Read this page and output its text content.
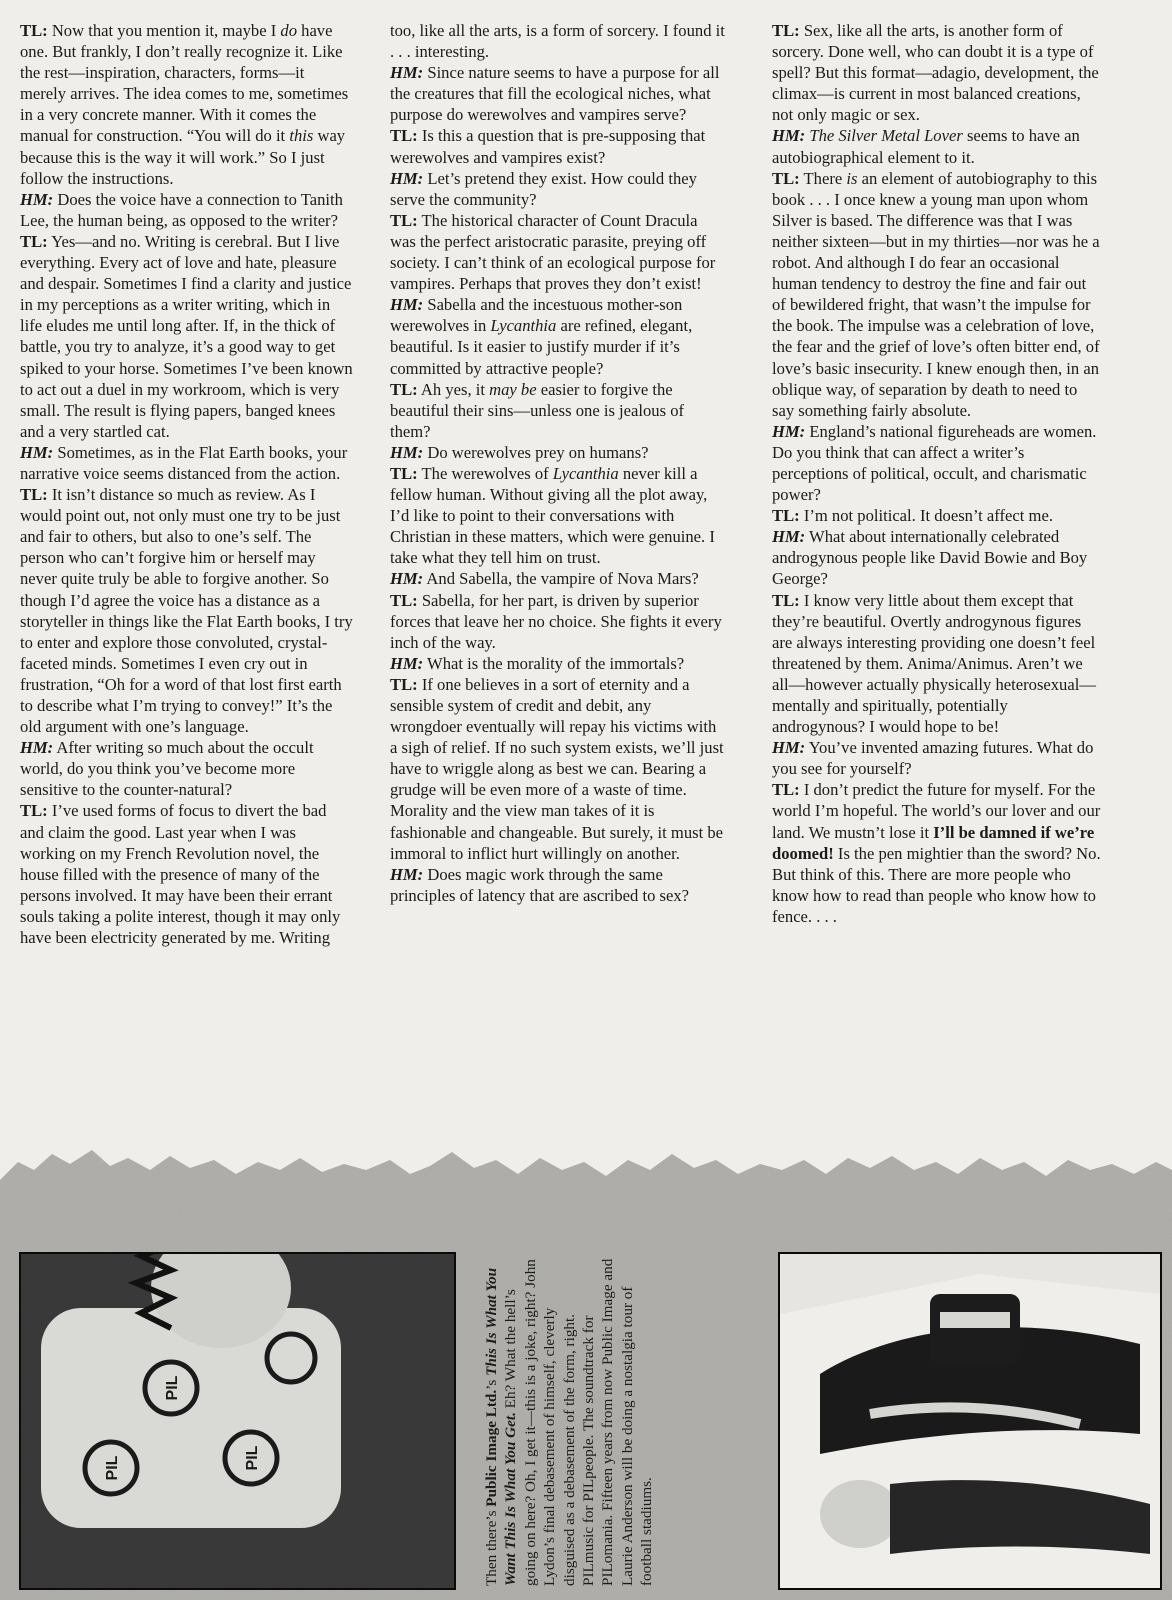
TL: Now that you mention it, maybe I do have one. But frankly, I don’t really recognize it. Like the rest—inspiration, characters, forms—it merely arrives. The idea comes to me, sometimes in a very concrete manner. With it comes the manual for construction. “You will do it this way because this is the way it will work.” So I just follow the instructions.

HM: Does the voice have a connection to Tanith Lee, the human being, as opposed to the writer?

TL: Yes—and no. Writing is cerebral. But I live everything. Every act of love and hate, pleasure and despair. Sometimes I find a clarity and justice in my perceptions as a writer writing, which in life eludes me until long after. If, in the thick of battle, you try to analyze, it’s a good way to get spiked to your horse. Sometimes I’ve been known to act out a duel in my workroom, which is very small. The result is flying papers, banged knees and a very startled cat.

HM: Sometimes, as in the Flat Earth books, your narrative voice seems distanced from the action.

TL: It isn’t distance so much as review. As I would point out, not only must one try to be just and fair to others, but also to one’s self. The person who can’t forgive him or herself may never quite truly be able to forgive another. So though I’d agree the voice has a distance as a storyteller in things like the Flat Earth books, I try to enter and explore those convoluted, crystal-faceted minds. Sometimes I even cry out in frustration, “Oh for a word of that lost first earth to describe what I’m trying to convey!” It’s the old argument with one’s language.

HM: After writing so much about the occult world, do you think you’ve become more sensitive to the counter-natural?

TL: I’ve used forms of focus to divert the bad and claim the good. Last year when I was working on my French Revolution novel, the house filled with the presence of many of the persons involved. It may have been their errant souls taking a polite interest, though it may only have been electricity generated by me. Writing

too, like all the arts, is a form of sorcery. I found it . . . interesting.

HM: Since nature seems to have a purpose for all the creatures that fill the ecological niches, what purpose do werewolves and vampires serve?

TL: Is this a question that is pre-supposing that werewolves and vampires exist?

HM: Let’s pretend they exist. How could they serve the community?

TL: The historical character of Count Dracula was the perfect aristocratic parasite, preying off society. I can’t think of an ecological purpose for vampires. Perhaps that proves they don’t exist!

HM: Sabella and the incestuous mother-son werewolves in Lycanthia are refined, elegant, beautiful. Is it easier to justify murder if it’s committed by attractive people?

TL: Ah yes, it may be easier to forgive the beautiful their sins—unless one is jealous of them?

HM: Do werewolves prey on humans?

TL: The werewolves of Lycanthia never kill a fellow human. Without giving all the plot away, I’d like to point to their conversations with Christian in these matters, which were genuine. I take what they tell him on trust.

HM: And Sabella, the vampire of Nova Mars?

TL: Sabella, for her part, is driven by superior forces that leave her no choice. She fights it every inch of the way.

HM: What is the morality of the immortals?

TL: If one believes in a sort of eternity and a sensible system of credit and debit, any wrongdoer eventually will repay his victims with a sigh of relief. If no such system exists, we’ll just have to wriggle along as best we can. Bearing a grudge will be even more of a waste of time. Morality and the view man takes of it is fashionable and changeable. But surely, it must be immoral to inflict hurt willingly on another.

HM: Does magic work through the same principles of latency that are ascribed to sex?

TL: Sex, like all the arts, is another form of sorcery. Done well, who can doubt it is a type of spell? But this format—adagio, development, the climax—is current in most balanced creations, not only magic or sex.

HM: The Silver Metal Lover seems to have an autobiographical element to it.

TL: There is an element of autobiography to this book . . . I once knew a young man upon whom Silver is based. The difference was that I was neither sixteen—but in my thirties—nor was he a robot. And although I do fear an occasional human tendency to destroy the fine and fair out of bewildered fright, that wasn’t the impulse for the book. The impulse was a celebration of love, the fear and the grief of love’s often bitter end, of love’s basic insecurity. I knew enough then, in an oblique way, of separation by death to need to say something fairly absolute.

HM: England’s national figureheads are women. Do you think that can affect a writer’s perceptions of political, occult, and charismatic power?

TL: I’m not political. It doesn’t affect me.

HM: What about internationally celebrated androgynous people like David Bowie and Boy George?

TL: I know very little about them except that they’re beautiful. Overtly androgynous figures are always interesting providing one doesn’t feel threatened by them. Anima/Animus. Aren’t we all—however actually physically heterosexual—mentally and spiritually, potentially androgynous? I would hope to be!

HM: You’ve invented amazing futures. What do you see for yourself?

TL: I don’t predict the future for myself. For the world I’m hopeful. The world’s our lover and our land. We mustn’t lose it I’ll be damned if we’re doomed! Is the pen mightier than the sword? No. But think of this. There are more people who know how to read than people who know how to fence. . . .

PIL
PIL
PIL
Then there’s Public Image Ltd.’s This Is What You Want This Is What You Get. Eh? What the hell’s going on here? Oh, I get it—this is a joke, right? John Lydon’s final debasement of himself, cleverly disguised as a debasement of the form, right. PILmusic for PILpeople. The soundtrack for PILomania. Fifteen years from now Public Image and Laurie Anderson will be doing a nostalgia tour of football stadiums.
